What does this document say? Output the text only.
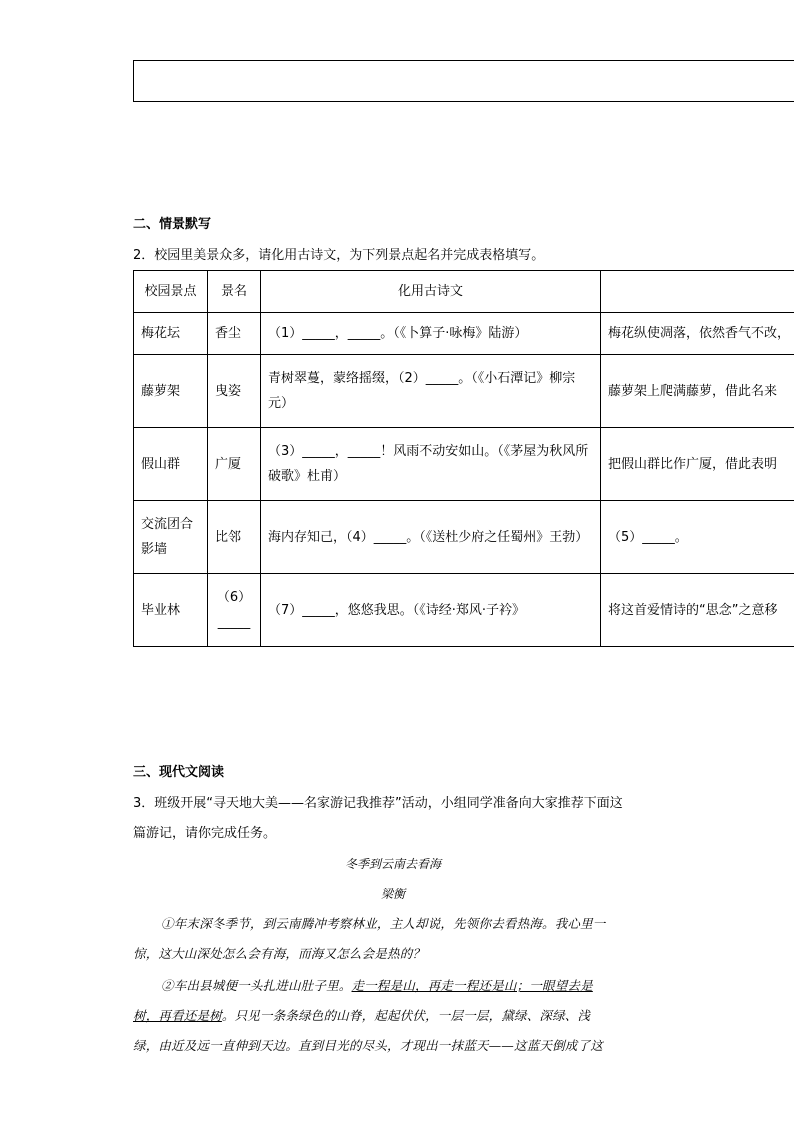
二、情景默写
2．校园里美景众多，请化用古诗文，为下列景点起名并完成表格填写。
校园景点	景名	化用古诗文	
梅花坛	香尘	（1）_____，_____。（《卜算子·咏梅》陆游）	梅花纵使凋落，依然香气不改，
藤萝架	曳姿	青树翠蔓，蒙络摇缀，（2）_____。（《小石潭记》柳宗元）	藤萝架上爬满藤萝，借此名来
假山群	广厦	（3）_____，_____！风雨不动安如山。（《茅屋为秋风所破歌》杜甫）	把假山群比作广厦，借此表明
交流团合影墙	比邻	海内存知己，（4）_____。（《送杜少府之任蜀州》王勃）	（5）_____。
毕业林	（6）_____	（7）_____，悠悠我思。（《诗经·郑风·子衿》	将这首爱情诗的“思念”之意移
三、现代文阅读
3．班级开展“寻天地大美——名家游记我推荐”活动，小组同学准备向大家推荐下面这
篇游记，请你完成任务。
冬季到云南去看海
梁衡
①年末深冬季节，到云南腾冲考察林业，主人却说，先领你去看热海。我心里一
惊，这大山深处怎么会有海，而海又怎么会是热的？
②车出县城便一头扎进山肚子里。走一程是山，再走一程还是山；一眼望去是
树，再看还是树。只见一条条绿色的山脊，起起伏伏，一层一层，黛绿、深绿、浅
绿，由近及远一直伸到天边。直到目光的尽头，才现出一抹蓝天——这蓝天倒成了这
